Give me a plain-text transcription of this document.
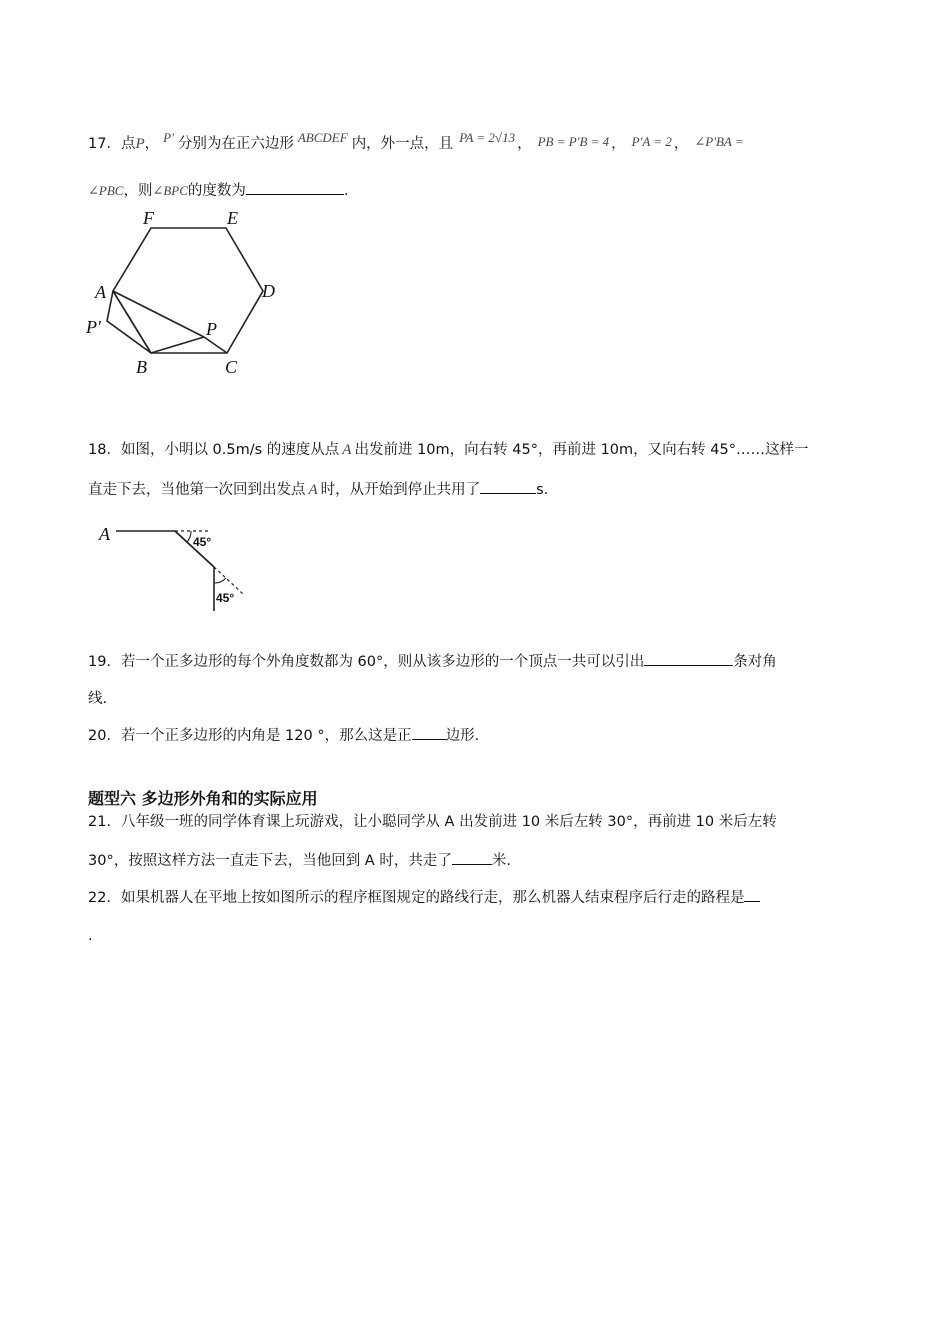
17．点P， P' 分别为在正六边形 ABCDEF 内，外一点，且 PA = 2√13 ， PB = P'B = 4 ， P'A = 2 ， ∠P'BA =
∠PBC，则∠BPC的度数为	.
F	E
A	D
P'	P
B	C
18．如图，小明以 0.5m/s 的速度从点 A 出发前进 10m，向右转 45°，再前进 10m，又向右转 45°……这样一
直走下去，当他第一次回到出发点 A 时，从开始到停止共用了	s.
A	45°
45°
19．若一个正多边形的每个外角度数都为 60°，则从该多边形的一个顶点一共可以引出	条对角
线.
20．若一个正多边形的内角是 120 °，那么这是正 边形.
题型六 多边形外角和的实际应用
21．八年级一班的同学体育课上玩游戏，让小聪同学从 A 出发前进 10 米后左转 30°，再前进 10 米后左转
30°，按照这样方法一直走下去，当他回到 A 时，共走了	米.
22．如果机器人在平地上按如图所示的程序框图规定的路线行走，那么机器人结束程序后行走的路程是
.
